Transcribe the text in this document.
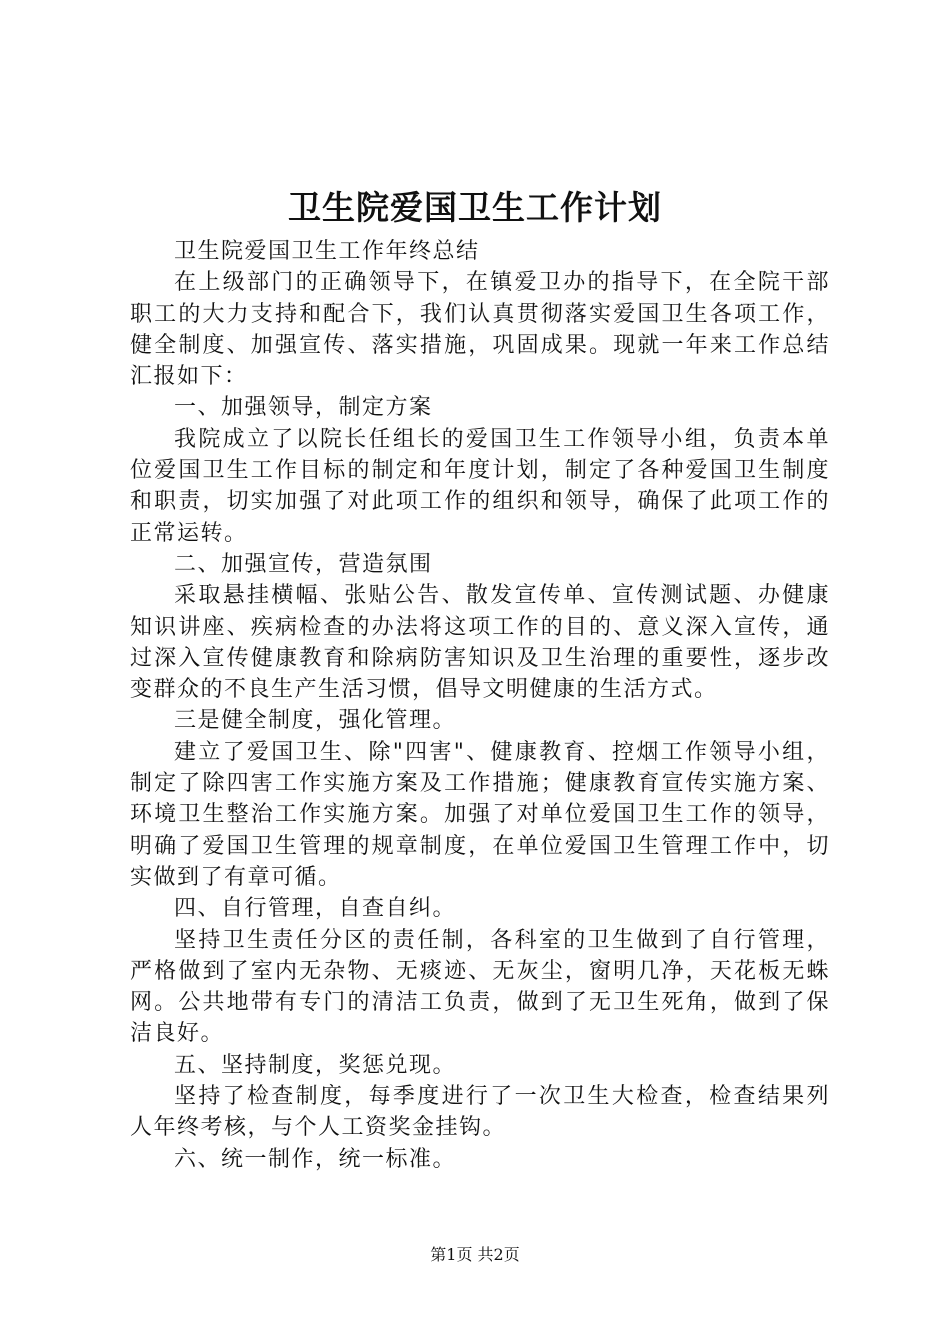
卫生院爱国卫生工作计划

卫生院爱国卫生工作年终总结

在上级部门的正确领导下，在镇爱卫办的指导下，在全院干部职工的大力支持和配合下，我们认真贯彻落实爱国卫生各项工作，健全制度、加强宣传、落实措施，巩固成果。现就一年来工作总结汇报如下：

一、加强领导，制定方案

我院成立了以院长任组长的爱国卫生工作领导小组，负责本单位爱国卫生工作目标的制定和年度计划，制定了各种爱国卫生制度和职责，切实加强了对此项工作的组织和领导，确保了此项工作的正常运转。

二、加强宣传，营造氛围

采取悬挂横幅、张贴公告、散发宣传单、宣传测试题、办健康知识讲座、疾病检查的办法将这项工作的目的、意义深入宣传，通过深入宣传健康教育和除病防害知识及卫生治理的重要性，逐步改变群众的不良生产生活习惯，倡导文明健康的生活方式。

三是健全制度，强化管理。

建立了爱国卫生、除"四害"、健康教育、控烟工作领导小组，制定了除四害工作实施方案及工作措施；健康教育宣传实施方案、环境卫生整治工作实施方案。加强了对单位爱国卫生工作的领导，明确了爱国卫生管理的规章制度，在单位爱国卫生管理工作中，切实做到了有章可循。

四、自行管理，自查自纠。

坚持卫生责任分区的责任制，各科室的卫生做到了自行管理，严格做到了室内无杂物、无痰迹、无灰尘，窗明几净，天花板无蛛网。公共地带有专门的清洁工负责，做到了无卫生死角，做到了保洁良好。

五、坚持制度，奖惩兑现。

坚持了检查制度，每季度进行了一次卫生大检查，检查结果列人年终考核，与个人工资奖金挂钩。

六、统一制作，统一标准。

第1页 共2页
